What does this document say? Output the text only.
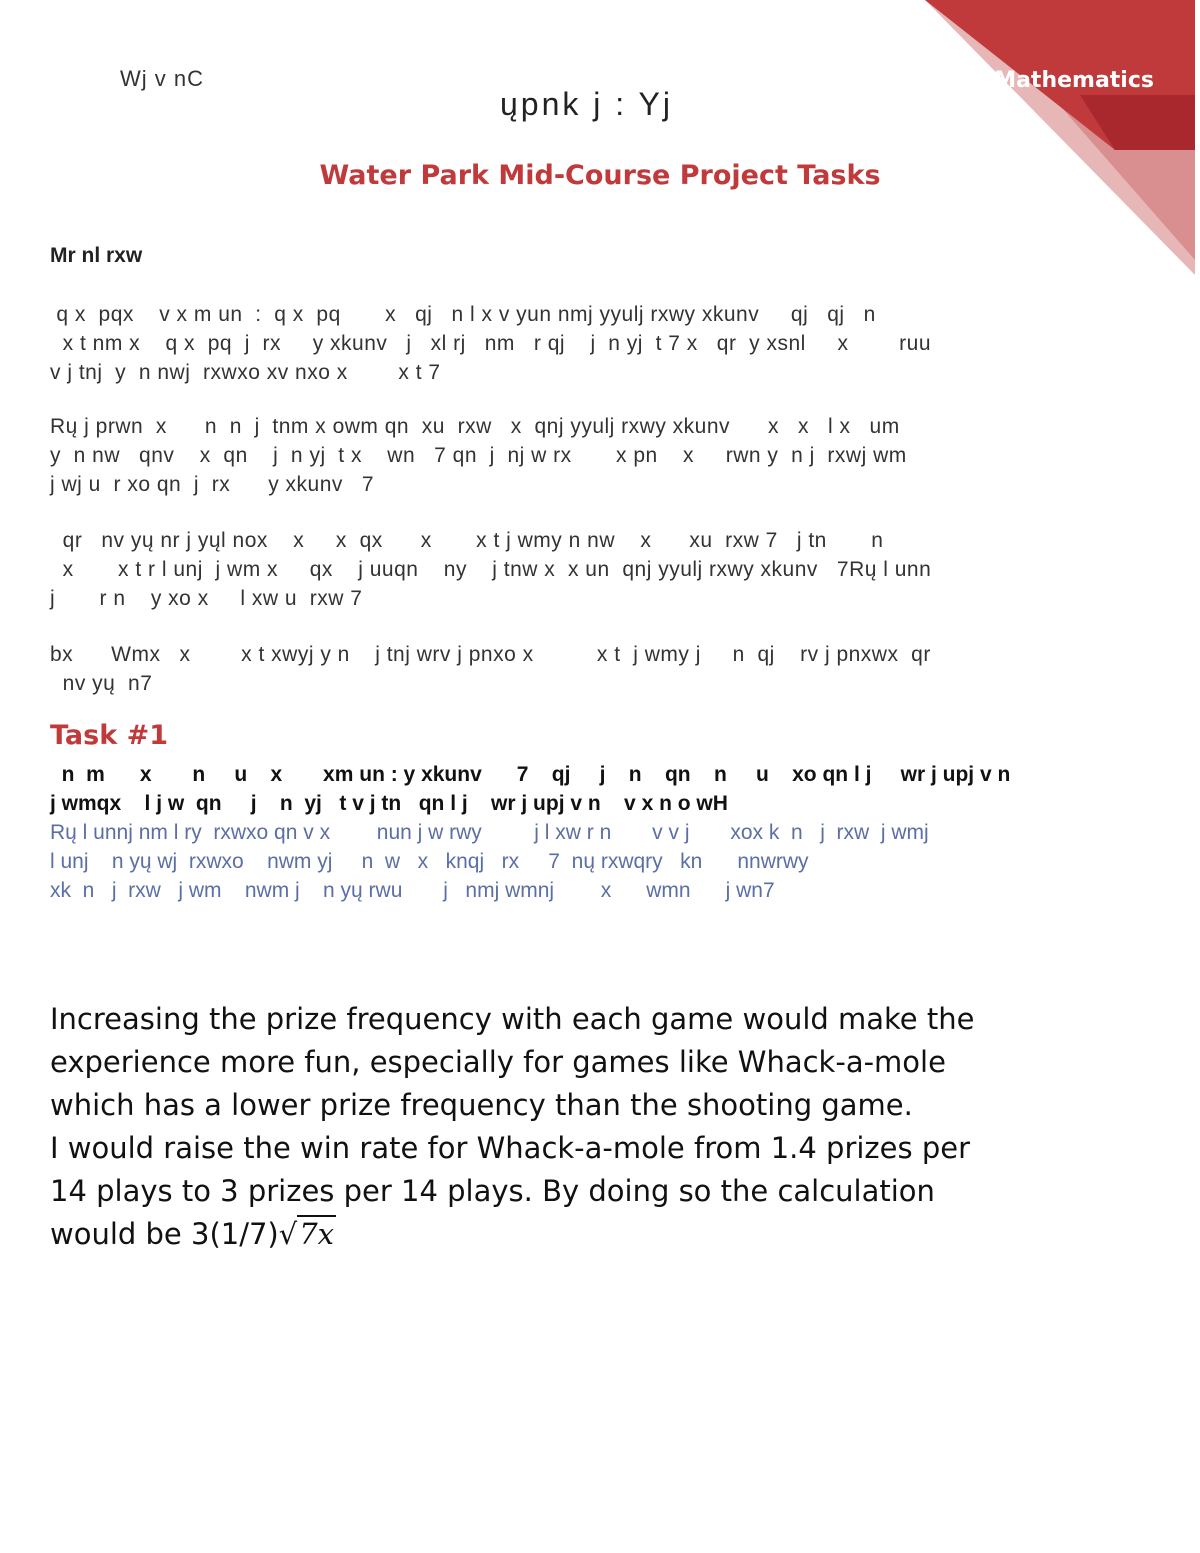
Mathematics
Wj v nC
ųpnk j : Yj
Water Park Mid-Course Project Tasks
Mr nl rxw
q x  pqx    v x m un  :  q x  pq       x   qj   n l x v yun nmj yyulj rxwy xkunv     qj   qj   n
x t nm x    q x  pq  j  rx     y xkunv   j   xl rj   nm   r qj    j  n yj  t 7 x   qr  y xsnl     x        ruu
v j tnj  y  n nwj  rxwxo xv nxo x        x t 7
Rų j prwn  x      n  n  j  tnm x owm qn  xu  rxw   x  qnj yyulj rxwy xkunv      x   x   l x   um
y  n nw   qnv    x  qn    j  n yj  t x    wn   7 qn  j  nj w rx       x pn    x     rwn y  n j  rxwj wm
j wj u  r xo qn  j  rx      y xkunv   7
qr   nv yų nr j yųl nox    x     x  qx      x       x t j wmy n nw    x      xu  rxw 7   j tn       n
x       x t r l unj  j wm x     qx    j uuqn    ny    j tnw x  x un  qnj yyulj rxwy xkunv   7Rų l unn
j       r n    y xo x     l xw u  rxw 7
bx      Wmx   x        x t xwyj y n    j tnj wrv j pnxo x          x t  j wmy j     n  qj    rv j pnxwx  qr
nv yų  n7
Task #1
n  m      x       n     u    x       xm un : y xkunv      7    qj     j    n    qn    n     u    xo qn l j     wr j upj v n
j wmqx    l j w  qn     j    n  yj   t v j tn   qn l j    wr j upj v n    v x n o wH
Rų l unnj nm l ry  rxwxo qn v x        nun j w rwy         j l xw r n       v v j       xox k  n   j  rxw  j wmj
l unj    n yų wj  rxwxo    nwm yj     n  w   x   knqj   rx     7  nų rxwqry   kn      nnwrwy
xk  n   j  rxw   j wm    nwm j    n yų rwu       j   nmj wmnj        x      wmn      j wn7

Increasing the prize frequency with each game would make the

experience more fun, especially for games like Whack-a-mole

which has a lower prize frequency than the shooting game.

I would raise the win rate for Whack-a-mole from 1.4 prizes per

14 plays to 3 prizes per 14 plays. By doing so the calculation

would be 3(1/7)√7x
